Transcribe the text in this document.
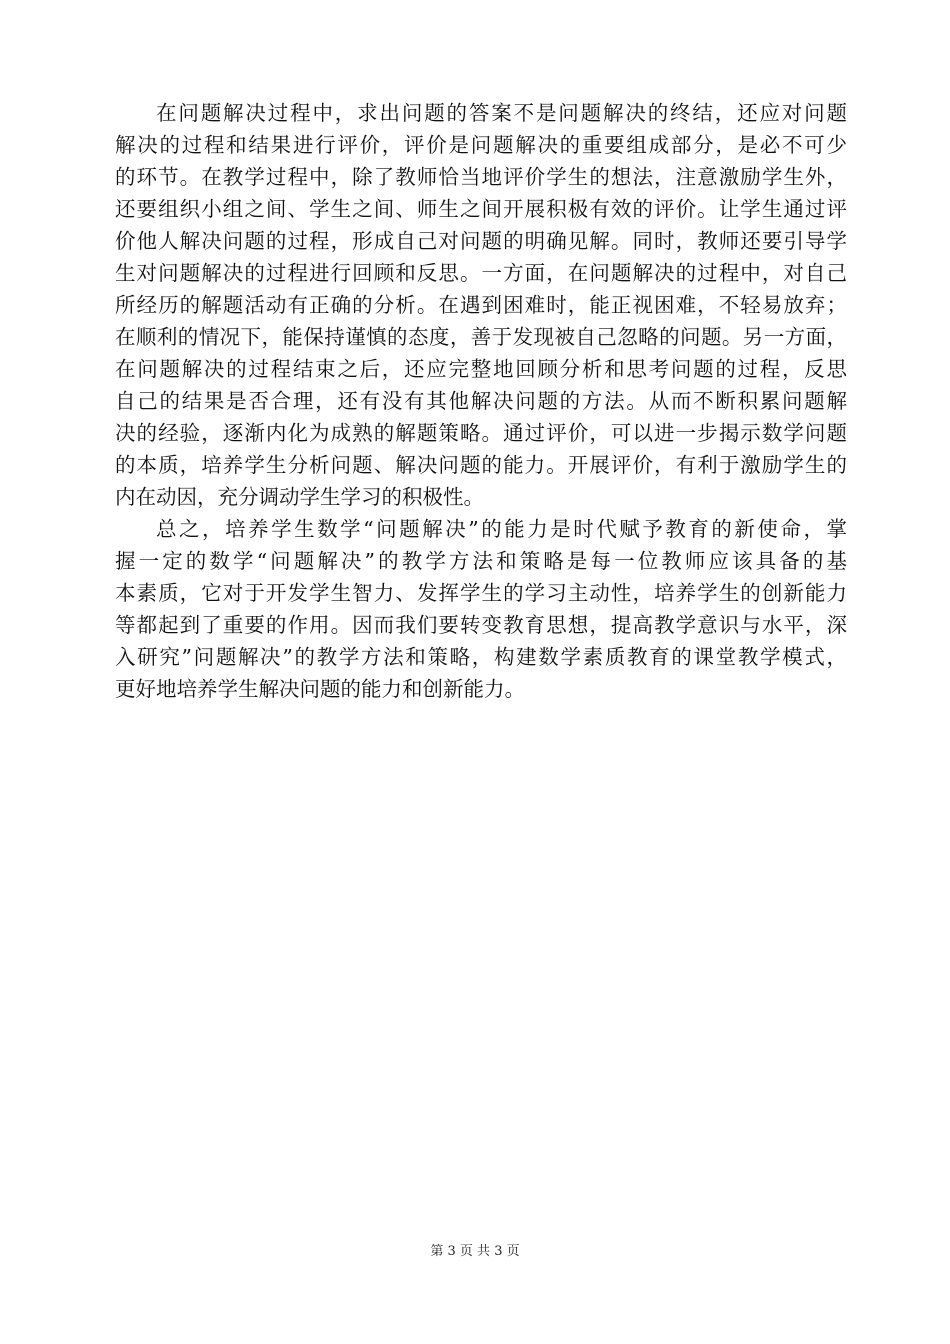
在问题解决过程中，求出问题的答案不是问题解决的终结，还应对问题
解决的过程和结果进行评价，评价是问题解决的重要组成部分，是必不可少
的环节。在教学过程中，除了教师恰当地评价学生的想法，注意激励学生外，
还要组织小组之间、学生之间、师生之间开展积极有效的评价。让学生通过评
价他人解决问题的过程，形成自己对问题的明确见解。同时，教师还要引导学
生对问题解决的过程进行回顾和反思。一方面，在问题解决的过程中，对自己
所经历的解题活动有正确的分析。在遇到困难时，能正视困难，不轻易放弃；
在顺利的情况下，能保持谨慎的态度，善于发现被自己忽略的问题。另一方面，
在问题解决的过程结束之后，还应完整地回顾分析和思考问题的过程，反思
自己的结果是否合理，还有没有其他解决问题的方法。从而不断积累问题解
决的经验，逐渐内化为成熟的解题策略。通过评价，可以进一步揭示数学问题
的本质，培养学生分析问题、解决问题的能力。开展评价，有利于激励学生的
内在动因，充分调动学生学习的积极性。
总之，培养学生数学“问题解决”的能力是时代赋予教育的新使命，掌
握一定的数学“问题解决”的教学方法和策略是每一位教师应该具备的基
本素质，它对于开发学生智力、发挥学生的学习主动性，培养学生的创新能力
等都起到了重要的作用。因而我们要转变教育思想，提高教学意识与水平，深
入研究”问题解决”的教学方法和策略，构建数学素质教育的课堂教学模式，
更好地培养学生解决问题的能力和创新能力。
第 3 页 共 3 页
